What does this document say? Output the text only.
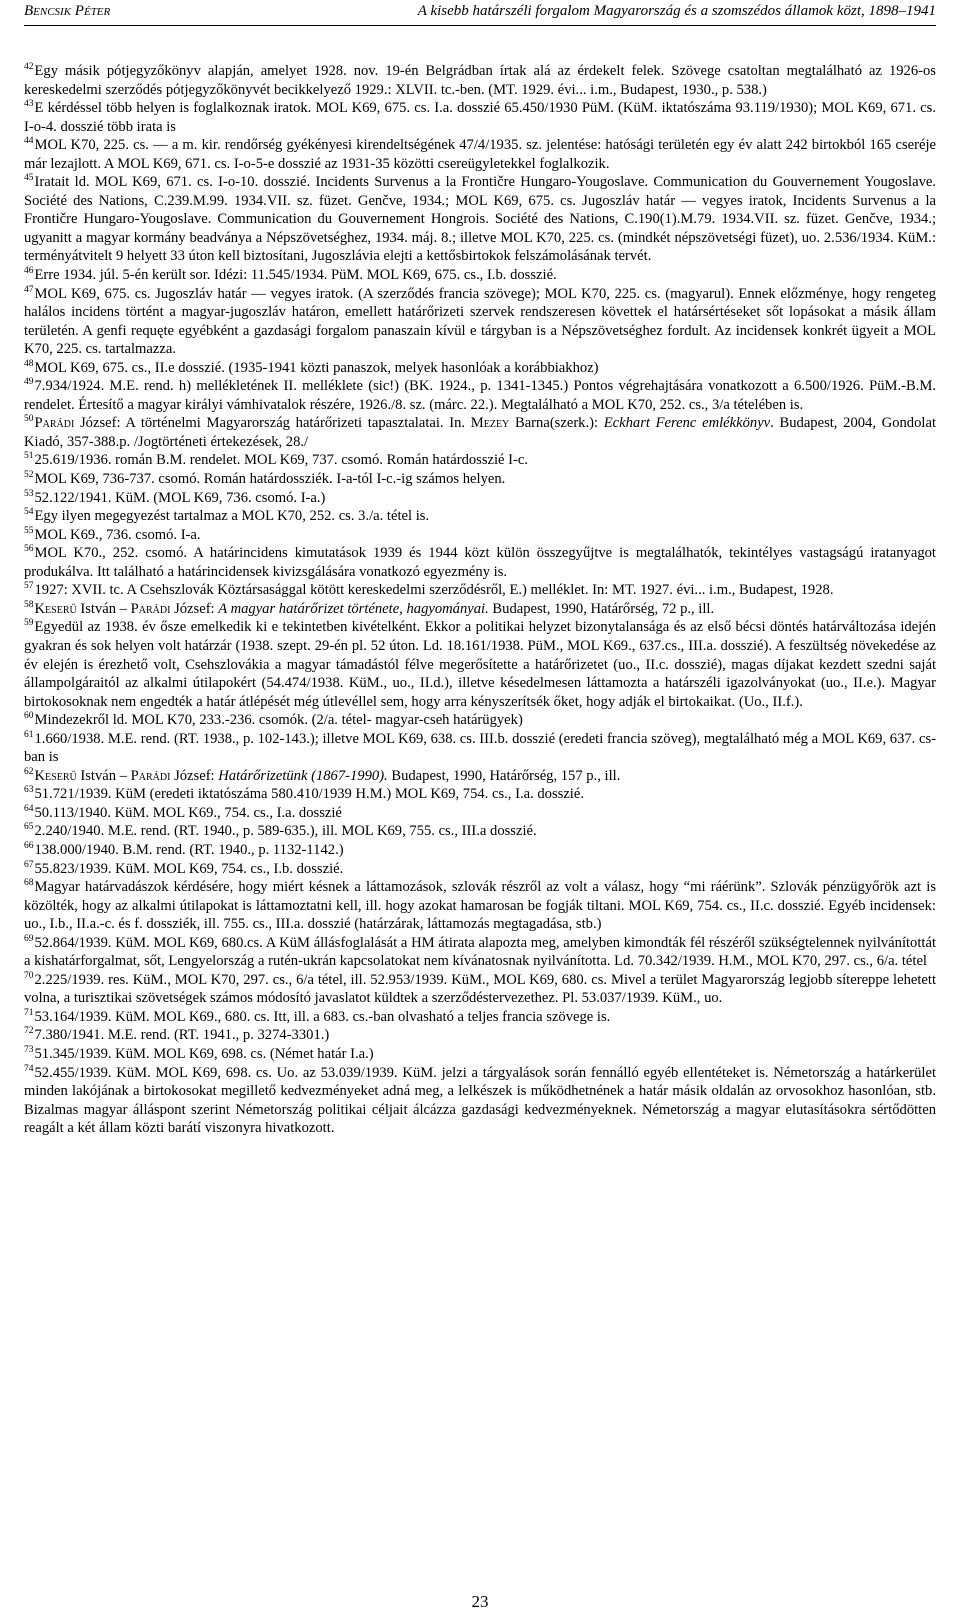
Bencsik Péter	A kisebb határszéli forgalom Magyarország és a szomszédos államok közt, 1898–1941

$^{42}$Egy másik pótjegyzőkönyv alapján, amelyet 1928. nov. 19-én Belgrádban írtak alá az érdekelt felek. Szövege csatoltan megtalálható az 1926-os kereskedelmi szerződés pótjegyzőkönyvét becikkelyező 1929.: XLVII. tc.-ben. (MT. 1929. évi... i.m., Budapest, 1930., p. 538.)

$^{43}$E kérdéssel több helyen is foglalkoznak iratok. MOL K69, 675. cs. I.a. dosszié 65.450/1930 PüM. (KüM. iktatószáma 93.119/1930); MOL K69, 671. cs. I-o-4. dosszié több irata is

$^{44}$MOL K70, 225. cs. — a m. kir. rendőrség gyékényesi kirendeltségének 47/4/1935. sz. jelentése: hatósági területén egy év alatt 242 birtokból 165 cseréje már lezajlott. A MOL K69, 671. cs. I-o-5-e dosszié az 1931-35 közötti csereügyletekkel foglalkozik.

$^{45}$Iratait ld. MOL K69, 671. cs. I-o-10. dosszié. Incidents Survenus a la Frontičre Hungaro-Yougoslave. Communication du Gouvernement Yougoslave. Société des Nations, C.239.M.99. 1934.VII. sz. füzet. Genčve, 1934.; MOL K69, 675. cs. Jugoszláv határ — vegyes iratok, Incidents Survenus a la Frontičre Hungaro-Yougoslave. Communication du Gouvernement Hongrois. Société des Nations, C.190(1).M.79. 1934.VII. sz. füzet. Genčve, 1934.; ugyanitt a magyar kormány beadványa a Népszövetséghez, 1934. máj. 8.; illetve MOL K70, 225. cs. (mindkét népszövetségi füzet), uo. 2.536/1934. KüM.: terményátvitelt 9 helyett 33 úton kell biztosítani, Jugoszlávia elejti a kettősbirtokok felszámolásának tervét.

$^{46}$Erre 1934. júl. 5-én került sor. Idézi: 11.545/1934. PüM. MOL K69, 675. cs., I.b. dosszié.

$^{47}$MOL K69, 675. cs. Jugoszláv határ — vegyes iratok. (A szerződés francia szövege); MOL K70, 225. cs. (magyarul). Ennek előzménye, hogy rengeteg halálos incidens történt a magyar-jugoszláv határon, emellett határőrizeti szervek rendszeresen követtek el határsértéseket sőt lopásokat a másik állam területén. A genfi requęte egyébként a gazdasági forgalom panaszain kívül e tárgyban is a Népszövetséghez fordult. Az incidensek konkrét ügyeit a MOL K70, 225. cs. tartalmazza.

$^{48}$MOL K69, 675. cs., II.e dosszié. (1935-1941 közti panaszok, melyek hasonlóak a korábbiakhoz)

$^{49}$7.934/1924. M.E. rend. h) mellékletének II. melléklete (sic!) (BK. 1924., p. 1341-1345.) Pontos végrehajtására vonatkozott a 6.500/1926. PüM.-B.M. rendelet. Értesítő a magyar királyi vámhivatalok részére, 1926./8. sz. (márc. 22.). Megtalálható a MOL K70, 252. cs., 3/a tételében is.

$^{50}$Parádi József: A történelmi Magyarország határőrizeti tapasztalatai. In. Mezey Barna(szerk.): Eckhart Ferenc emlékkönyv. Budapest, 2004, Gondolat Kiadó, 357-388.p. /Jogtörténeti értekezések, 28./

$^{51}$25.619/1936. román B.M. rendelet. MOL K69, 737. csomó. Román határdosszié I-c.

$^{52}$MOL K69, 736-737. csomó. Román határdossziék. I-a-tól I-c.-ig számos helyen.

$^{53}$52.122/1941. KüM. (MOL K69, 736. csomó. I-a.)

$^{54}$Egy ilyen megegyezést tartalmaz a MOL K70, 252. cs. 3./a. tétel is.

$^{55}$MOL K69., 736. csomó. I-a.

$^{56}$MOL K70., 252. csomó. A határincidens kimutatások 1939 és 1944 közt külön összegyűjtve is megtalálhatók, tekintélyes vastagságú iratanyagot produkálva. Itt található a határincidensek kivizsgálására vonatkozó egyezmény is.

$^{57}$1927: XVII. tc. A Csehszlovák Köztársasággal kötött kereskedelmi szerződésről, E.) melléklet. In: MT. 1927. évi... i.m., Budapest, 1928.

$^{58}$Keserű István – Parádi József: A magyar határőrizet története, hagyományai. Budapest, 1990, Határőrség, 72 p., ill.

$^{59}$Egyedül az 1938. év ősze emelkedik ki e tekintetben kivételként. Ekkor a politikai helyzet bizonytalansága és az első bécsi döntés határváltozása idején gyakran és sok helyen volt határzár (1938. szept. 29-én pl. 52 úton. Ld. 18.161/1938. PüM., MOL K69., 637.cs., III.a. dosszié). A feszültség növekedése az év elején is érezhető volt, Csehszlovákia a magyar támadástól félve megerősítette a határőrizetet (uo., II.c. dosszié), magas díjakat kezdett szedni saját állampolgáraitól az alkalmi útilapokért (54.474/1938. KüM., uo., II.d.), illetve késedelmesen láttamozta a határszéli igazolványokat (uo., II.e.). Magyar birtokosoknak nem engedték a határ átlépését még útlevéllel sem, hogy arra kényszerítsék őket, hogy adják el birtokaikat. (Uo., II.f.).

$^{60}$Mindezekről ld. MOL K70, 233.-236. csomók. (2/a. tétel- magyar-cseh határügyek)

$^{61}$1.660/1938. M.E. rend. (RT. 1938., p. 102-143.); illetve MOL K69, 638. cs. III.b. dosszié (eredeti francia szöveg), megtalálható még a MOL K69, 637. cs-ban is

$^{62}$Keserű István – Parádi József: Határőrizetünk (1867-1990). Budapest, 1990, Határőrség, 157 p., ill.

$^{63}$51.721/1939. KüM (eredeti iktatószáma 580.410/1939 H.M.) MOL K69, 754. cs., I.a. dosszié.

$^{64}$50.113/1940. KüM. MOL K69., 754. cs., I.a. dosszié

$^{65}$2.240/1940. M.E. rend. (RT. 1940., p. 589-635.), ill. MOL K69, 755. cs., III.a dosszié.

$^{66}$138.000/1940. B.M. rend. (RT. 1940., p. 1132-1142.)

$^{67}$55.823/1939. KüM. MOL K69, 754. cs., I.b. dosszié.

$^{68}$Magyar határvadászok kérdésére, hogy miért késnek a láttamozások, szlovák részről az volt a válasz, hogy “mi ráérünk”. Szlovák pénzügyőrök azt is közölték, hogy az alkalmi útilapokat is láttamoztatni kell, ill. hogy azokat hamarosan be fogják tiltani. MOL K69, 754. cs., II.c. dosszié. Egyéb incidensek: uo., I.b., II.a.-c. és f. dossziék, ill. 755. cs., III.a. dosszié (határzárak, láttamozás megtagadása, stb.)

$^{69}$52.864/1939. KüM. MOL K69, 680.cs. A KüM állásfoglalását a HM átirata alapozta meg, amelyben kimondták fél részéről szükségtelennek nyilvánítottát a kishatárforgalmat, sőt, Lengyelország a rutén-ukrán kapcsolatokat nem kívánatosnak nyilvánította. Ld. 70.342/1939. H.M., MOL K70, 297. cs., 6/a. tétel

$^{70}$2.225/1939. res. KüM., MOL K70, 297. cs., 6/a tétel, ill. 52.953/1939. KüM., MOL K69, 680. cs. Mivel a terület Magyarország legjobb sítereppe lehetett volna, a turisztikai szövetségek számos módosító javaslatot küldtek a szerződéstervezethez. Pl. 53.037/1939. KüM., uo.

$^{71}$53.164/1939. KüM. MOL K69., 680. cs. Itt, ill. a 683. cs.-ban olvasható a teljes francia szövege is.

$^{72}$7.380/1941. M.E. rend. (RT. 1941., p. 3274-3301.)

$^{73}$51.345/1939. KüM. MOL K69, 698. cs. (Német határ I.a.)

$^{74}$52.455/1939. KüM. MOL K69, 698. cs. Uo. az 53.039/1939. KüM. jelzi a tárgyalások során fennálló egyéb ellentéteket is. Németország a határkerület minden lakójának a birtokosokat megillető kedvezményeket adná meg, a lelkészek is működhetnének a határ másik oldalán az orvosokhoz hasonlóan, stb. Bizalmas magyar álláspont szerint Németország politikai céljait álcázza gazdasági kedvezményeknek. Németország a magyar elutasításokra sértődötten reagált a két állam közti barátí viszonyra hivatkozott.

23
